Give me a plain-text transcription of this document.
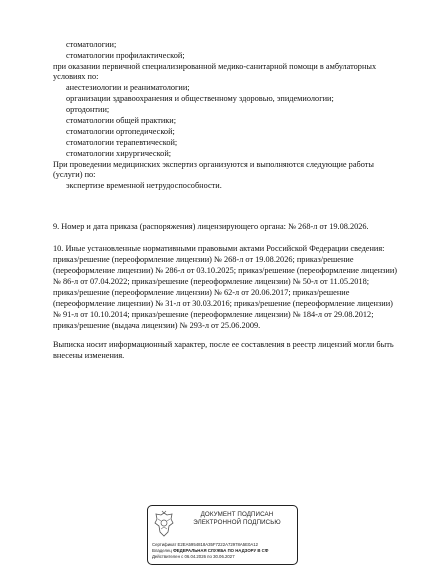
стоматологии;
стоматологии профилактической;
при оказании первичной специализированной медико-санитарной помощи в амбулаторных
условиях по:
анестезиологии и реаниматологии;
организации здравоохранения и общественному здоровью, эпидемиологии;
ортодонтии;
стоматологии общей практики;
стоматологии ортопедической;
стоматологии терапевтической;
стоматологии хирургической;
При проведении медицинских экспертиз организуются и выполняются следующие работы
(услуги) по:
экспертизе временной нетрудоспособности.
9. Номер и дата приказа (распоряжения) лицензирующего органа: № 268-л от 19.08.2026.
10. Иные установленные нормативными правовыми актами Российской Федерации сведения:
приказ/решение (переоформление лицензии) № 268-л от 19.08.2026; приказ/решение
(переоформление лицензии) № 286-л от 03.10.2025; приказ/решение (переоформление лицензии)
№ 86-л от 07.04.2022; приказ/решение (переоформление лицензии) № 50-л от 11.05.2018;
приказ/решение (переоформление лицензии) № 62-л от 20.06.2017; приказ/решение
(переоформление лицензии) № 31-л от 30.03.2016; приказ/решение (переоформление лицензии)
№ 91-л от 10.10.2014; приказ/решение (переоформление лицензии) № 184-л от 29.08.2012;
приказ/решение (выдача лицензии) № 293-л от 25.06.2009.
Выписка носит информационный характер, после ее составления в реестр лицензий могли быть
внесены изменения.
ДОКУМЕНТ ПОДПИСАН
ЭЛЕКТРОННОЙ ПОДПИСЬЮ
Сертификат E2EA5954818A35F7222A72978A5E0A12
Владелец ФЕДЕРАЛЬНАЯ СЛУЖБА ПО НАДЗОРУ В СФ
Действителен с 06.04.2026 по 30.06.2027
